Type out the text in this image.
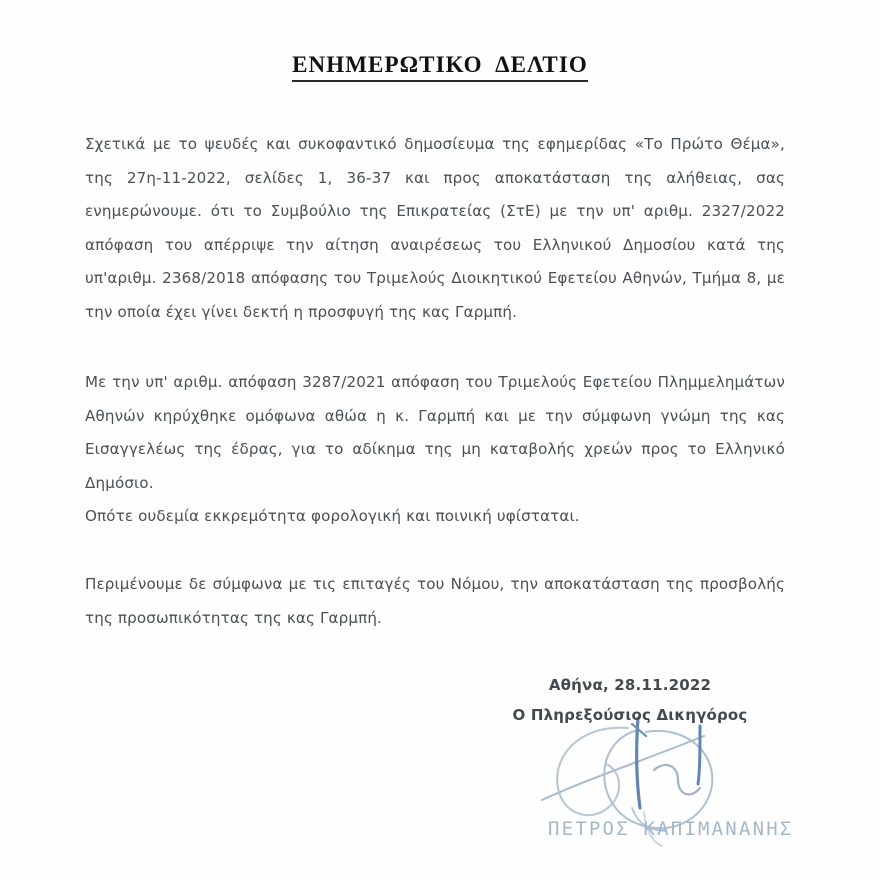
ΕΝΗΜΕΡΩΤΙΚΟ  ΔΕΛΤΙΟ

Σχετικά με το ψευδές και συκοφαντικό δημοσίευμα της εφημερίδας «Το Πρώτο Θέμα», της 27η-11-2022, σελίδες 1, 36-37 και προς αποκατάσταση της αλήθειας, σας ενημερώνουμε. ότι το Συμβούλιο της Επικρατείας (ΣτΕ) με την υπ' αριθμ. 2327/2022 απόφαση του απέρριψε την αίτηση αναιρέσεως του Ελληνικού Δημοσίου κατά της υπ'αριθμ. 2368/2018 απόφασης του Τριμελούς Διοικητικού Εφετείου Αθηνών, Τμήμα 8, με την οποία έχει γίνει δεκτή η προσφυγή της κας Γαρμπή.

Με την υπ' αριθμ. απόφαση 3287/2021 απόφαση του Τριμελούς Εφετείου Πλημμελημάτων Αθηνών κηρύχθηκε ομόφωνα αθώα η κ. Γαρμπή και με την σύμφωνη γνώμη της κας Εισαγγελέως της έδρας, για το αδίκημα της μη καταβολής χρεών προς το Ελληνικό Δημόσιο.

Οπότε ουδεμία εκκρεμότητα φορολογική και ποινική υφίσταται.

Περιμένουμε δε σύμφωνα με τις επιταγές του Νόμου, την αποκατάσταση της προσβολής της προσωπικότητας της κας Γαρμπή.

Αθήνα, 28.11.2022
Ο Πληρεξούσιος Δικηγόρος
ΠΕΤΡΟΣ ΚΑΠΙΜΑΝΑΝΗΣ
